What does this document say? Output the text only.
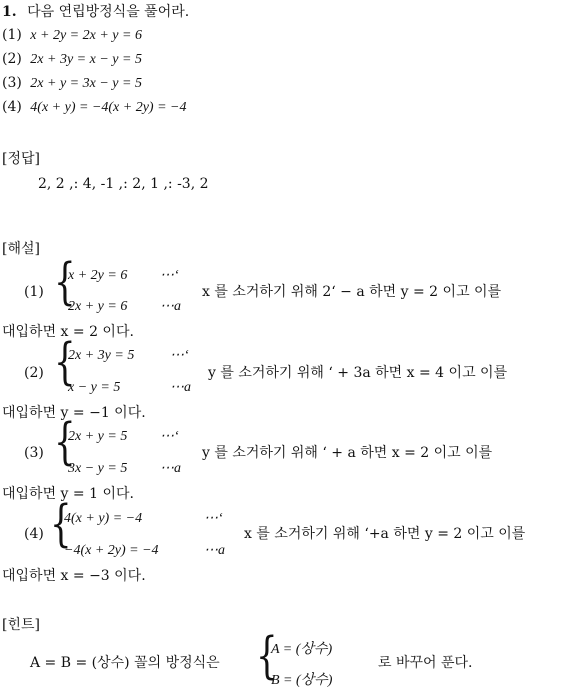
1. 다음 연립방정식을 풀어라.
(1) x + 2y = 2x + y = 6
(2) 2x + 3y = x − y = 5
(3) 2x + y = 3x − y = 5
(4) 4(x + y) = −4(x + 2y) = −4
[정답]
2, 2 ,: 4, -1 ,: 2, 1 ,: -3, 2
[해설]
(1) {
x + 2y = 6 ⋯‘
2x + y = 6 ⋯a
x 를 소거하기 위해 2‘ − a 하면 y = 2 이고 이를
대입하면 x = 2 이다.
(2) {
2x + 3y = 5	⋯‘
x − y = 5	⋯a
y 를 소거하기 위해 ‘ + 3a 하면 x = 4 이고 이를
대입하면 y = −1 이다.
(3) {
2x + y = 5 ⋯‘
3x − y = 5 ⋯a
y 를 소거하기 위해 ‘ + a 하면 x = 2 이고 이를
대입하면 y = 1 이다.
(4) {
4(x + y) = −4	⋯‘
−4(x + 2y) = −4	⋯a
x 를 소거하기 위해 ‘+a 하면 y = 2 이고 이를
대입하면 x = −3 이다.
[힌트]
A = B = (상수) 꼴의 방정식은 {
A = (상수)
B = (상수)
로 바꾸어 푼다.
